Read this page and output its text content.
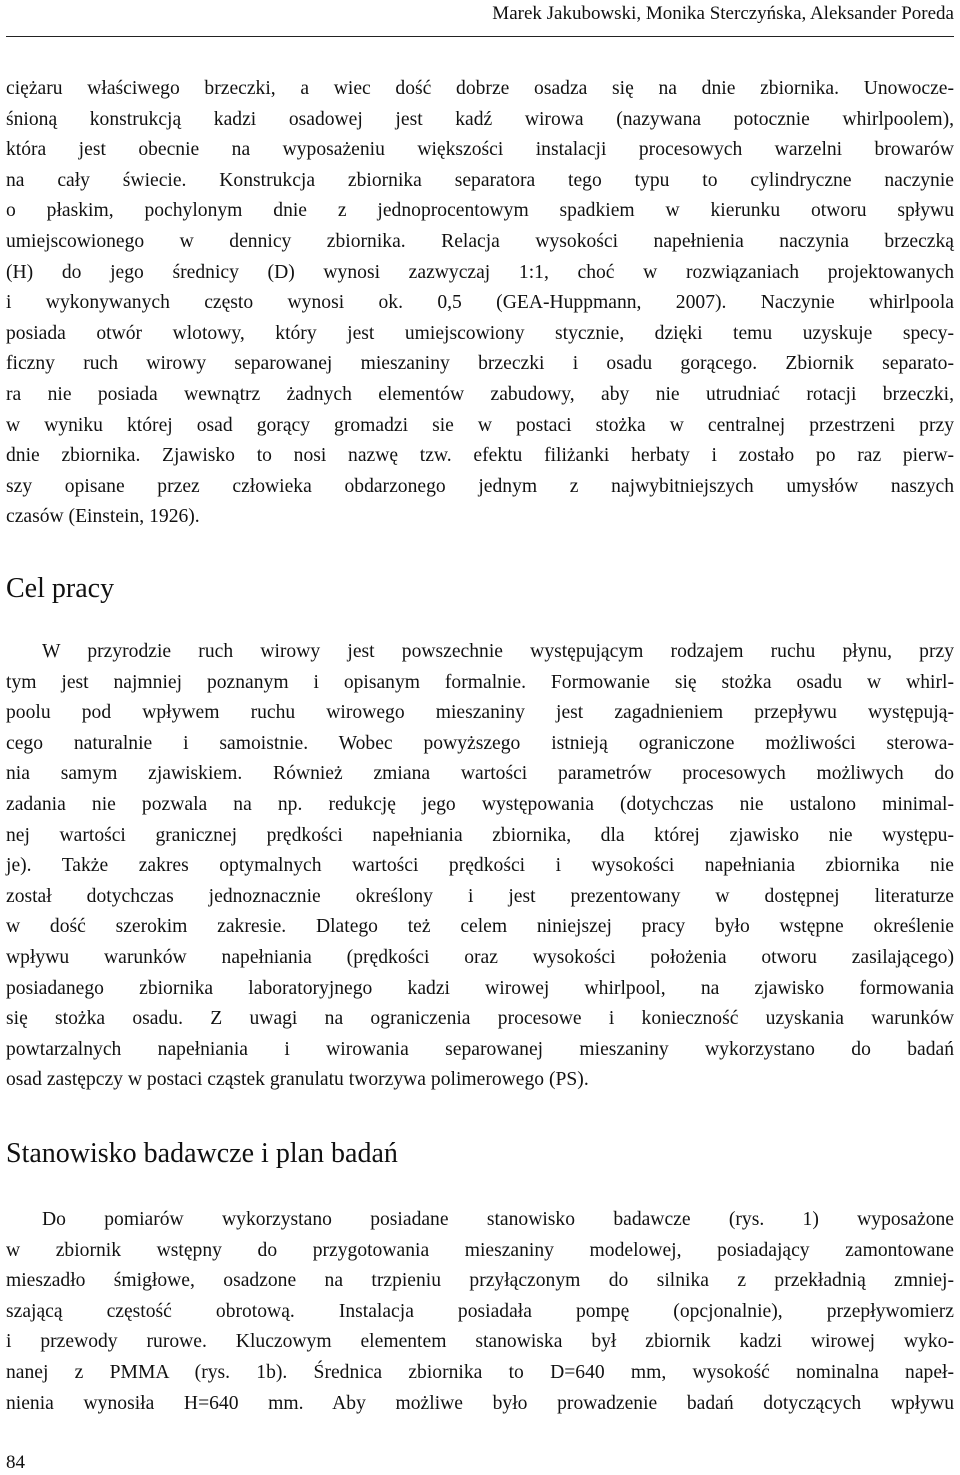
Marek Jakubowski, Monika Sterczyńska, Aleksander Poreda
ciężaru właściwego brzeczki, a wiec dość dobrze osadza się na dnie zbiornika. Unowocze-
śnioną konstrukcją kadzi osadowej jest kadź wirowa (nazywana potocznie whirlpoolem),
która jest obecnie na wyposażeniu większości instalacji procesowych warzelni browarów
na cały świecie. Konstrukcja zbiornika separatora tego typu to cylindryczne naczynie
o płaskim, pochylonym dnie z jednoprocentowym spadkiem w kierunku otworu spływu
umiejscowionego w dennicy zbiornika. Relacja wysokości napełnienia naczynia brzeczką
(H) do jego średnicy (D) wynosi zazwyczaj 1:1, choć w rozwiązaniach projektowanych
i wykonywanych często wynosi ok. 0,5 (GEA-Huppmann, 2007). Naczynie whirlpoola
posiada otwór wlotowy, który jest umiejscowiony stycznie, dzięki temu uzyskuje specy-
ficzny ruch wirowy separowanej mieszaniny brzeczki i osadu gorącego. Zbiornik separato-
ra nie posiada wewnątrz żadnych elementów zabudowy, aby nie utrudniać rotacji brzeczki,
w wyniku której osad gorący gromadzi sie w postaci stożka w centralnej przestrzeni przy
dnie zbiornika. Zjawisko to nosi nazwę tzw. efektu filiżanki herbaty i zostało po raz pierw-
szy opisane przez człowieka obdarzonego jednym z najwybitniejszych umysłów naszych
czasów (Einstein, 1926).
Cel pracy
W przyrodzie ruch wirowy jest powszechnie występującym rodzajem ruchu płynu, przy
tym jest najmniej poznanym i opisanym formalnie. Formowanie się stożka osadu w whirl-
poolu pod wpływem ruchu wirowego mieszaniny jest zagadnieniem przepływu występują-
cego naturalnie i samoistnie. Wobec powyższego istnieją ograniczone możliwości sterowa-
nia samym zjawiskiem. Również zmiana wartości parametrów procesowych możliwych do
zadania nie pozwala na np. redukcję jego występowania (dotychczas nie ustalono minimal-
nej wartości granicznej prędkości napełniania zbiornika, dla której zjawisko nie występu-
je). Także zakres optymalnych wartości prędkości i wysokości napełniania zbiornika nie
został dotychczas jednoznacznie określony i jest prezentowany w dostępnej literaturze
w dość szerokim zakresie. Dlatego też celem niniejszej pracy było wstępne określenie
wpływu warunków napełniania (prędkości oraz wysokości położenia otworu zasilającego)
posiadanego zbiornika laboratoryjnego kadzi wirowej whirlpool, na zjawisko formowania
się stożka osadu. Z uwagi na ograniczenia procesowe i konieczność uzyskania warunków
powtarzalnych napełniania i wirowania separowanej mieszaniny wykorzystano do badań
osad zastępczy w postaci cząstek granulatu tworzywa polimerowego (PS).
Stanowisko badawcze i plan badań
Do pomiarów wykorzystano posiadane stanowisko badawcze (rys. 1) wyposażone
w zbiornik wstępny do przygotowania mieszaniny modelowej, posiadający zamontowane
mieszadło śmigłowe, osadzone na trzpieniu przyłączonym do silnika z przekładnią zmniej-
szającą częstość obrotową. Instalacja posiadała pompę (opcjonalnie), przepływomierz
i przewody rurowe. Kluczowym elementem stanowiska był zbiornik kadzi wirowej wyko-
nanej z PMMA (rys. 1b). Średnica zbiornika to D=640 mm, wysokość nominalna napeł-
nienia wynosiła H=640 mm. Aby możliwe było prowadzenie badań dotyczących wpływu
84
